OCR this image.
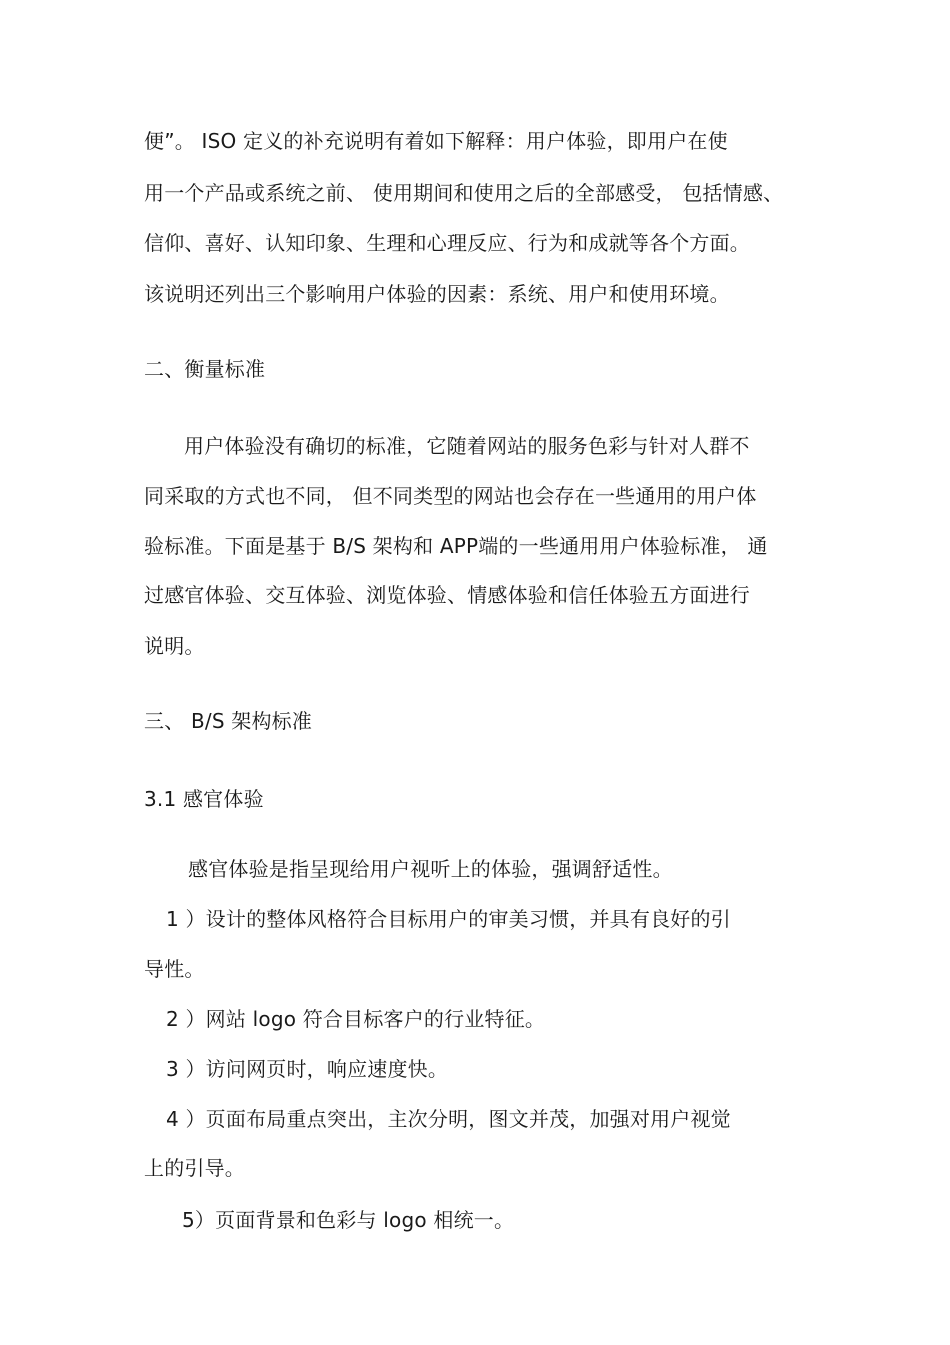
便”。 ISO 定义的补充说明有着如下解释：用户体验，即用户在使
用一个产品或系统之前、 使用期间和使用之后的全部感受， 包括情感、
信仰、喜好、认知印象、生理和心理反应、行为和成就等各个方面。
该说明还列出三个影响用户体验的因素：系统、用户和使用环境。
二、衡量标准
用户体验没有确切的标准，它随着网站的服务色彩与针对人群不
同采取的方式也不同， 但不同类型的网站也会存在一些通用的用户体
验标准。下面是基于 B/S 架构和 APP端的一些通用用户体验标准， 通
过感官体验、交互体验、浏览体验、情感体验和信任体验五方面进行
说明。
三、 B/S 架构标准
3.1 感官体验
感官体验是指呈现给用户视听上的体验，强调舒适性。
1 ）设计的整体风格符合目标用户的审美习惯，并具有良好的引
导性。
2 ）网站 logo 符合目标客户的行业特征。
3 ）访问网页时，响应速度快。
4 ）页面布局重点突出，主次分明，图文并茂，加强对用户视觉
上的引导。
5）页面背景和色彩与 logo 相统一。
